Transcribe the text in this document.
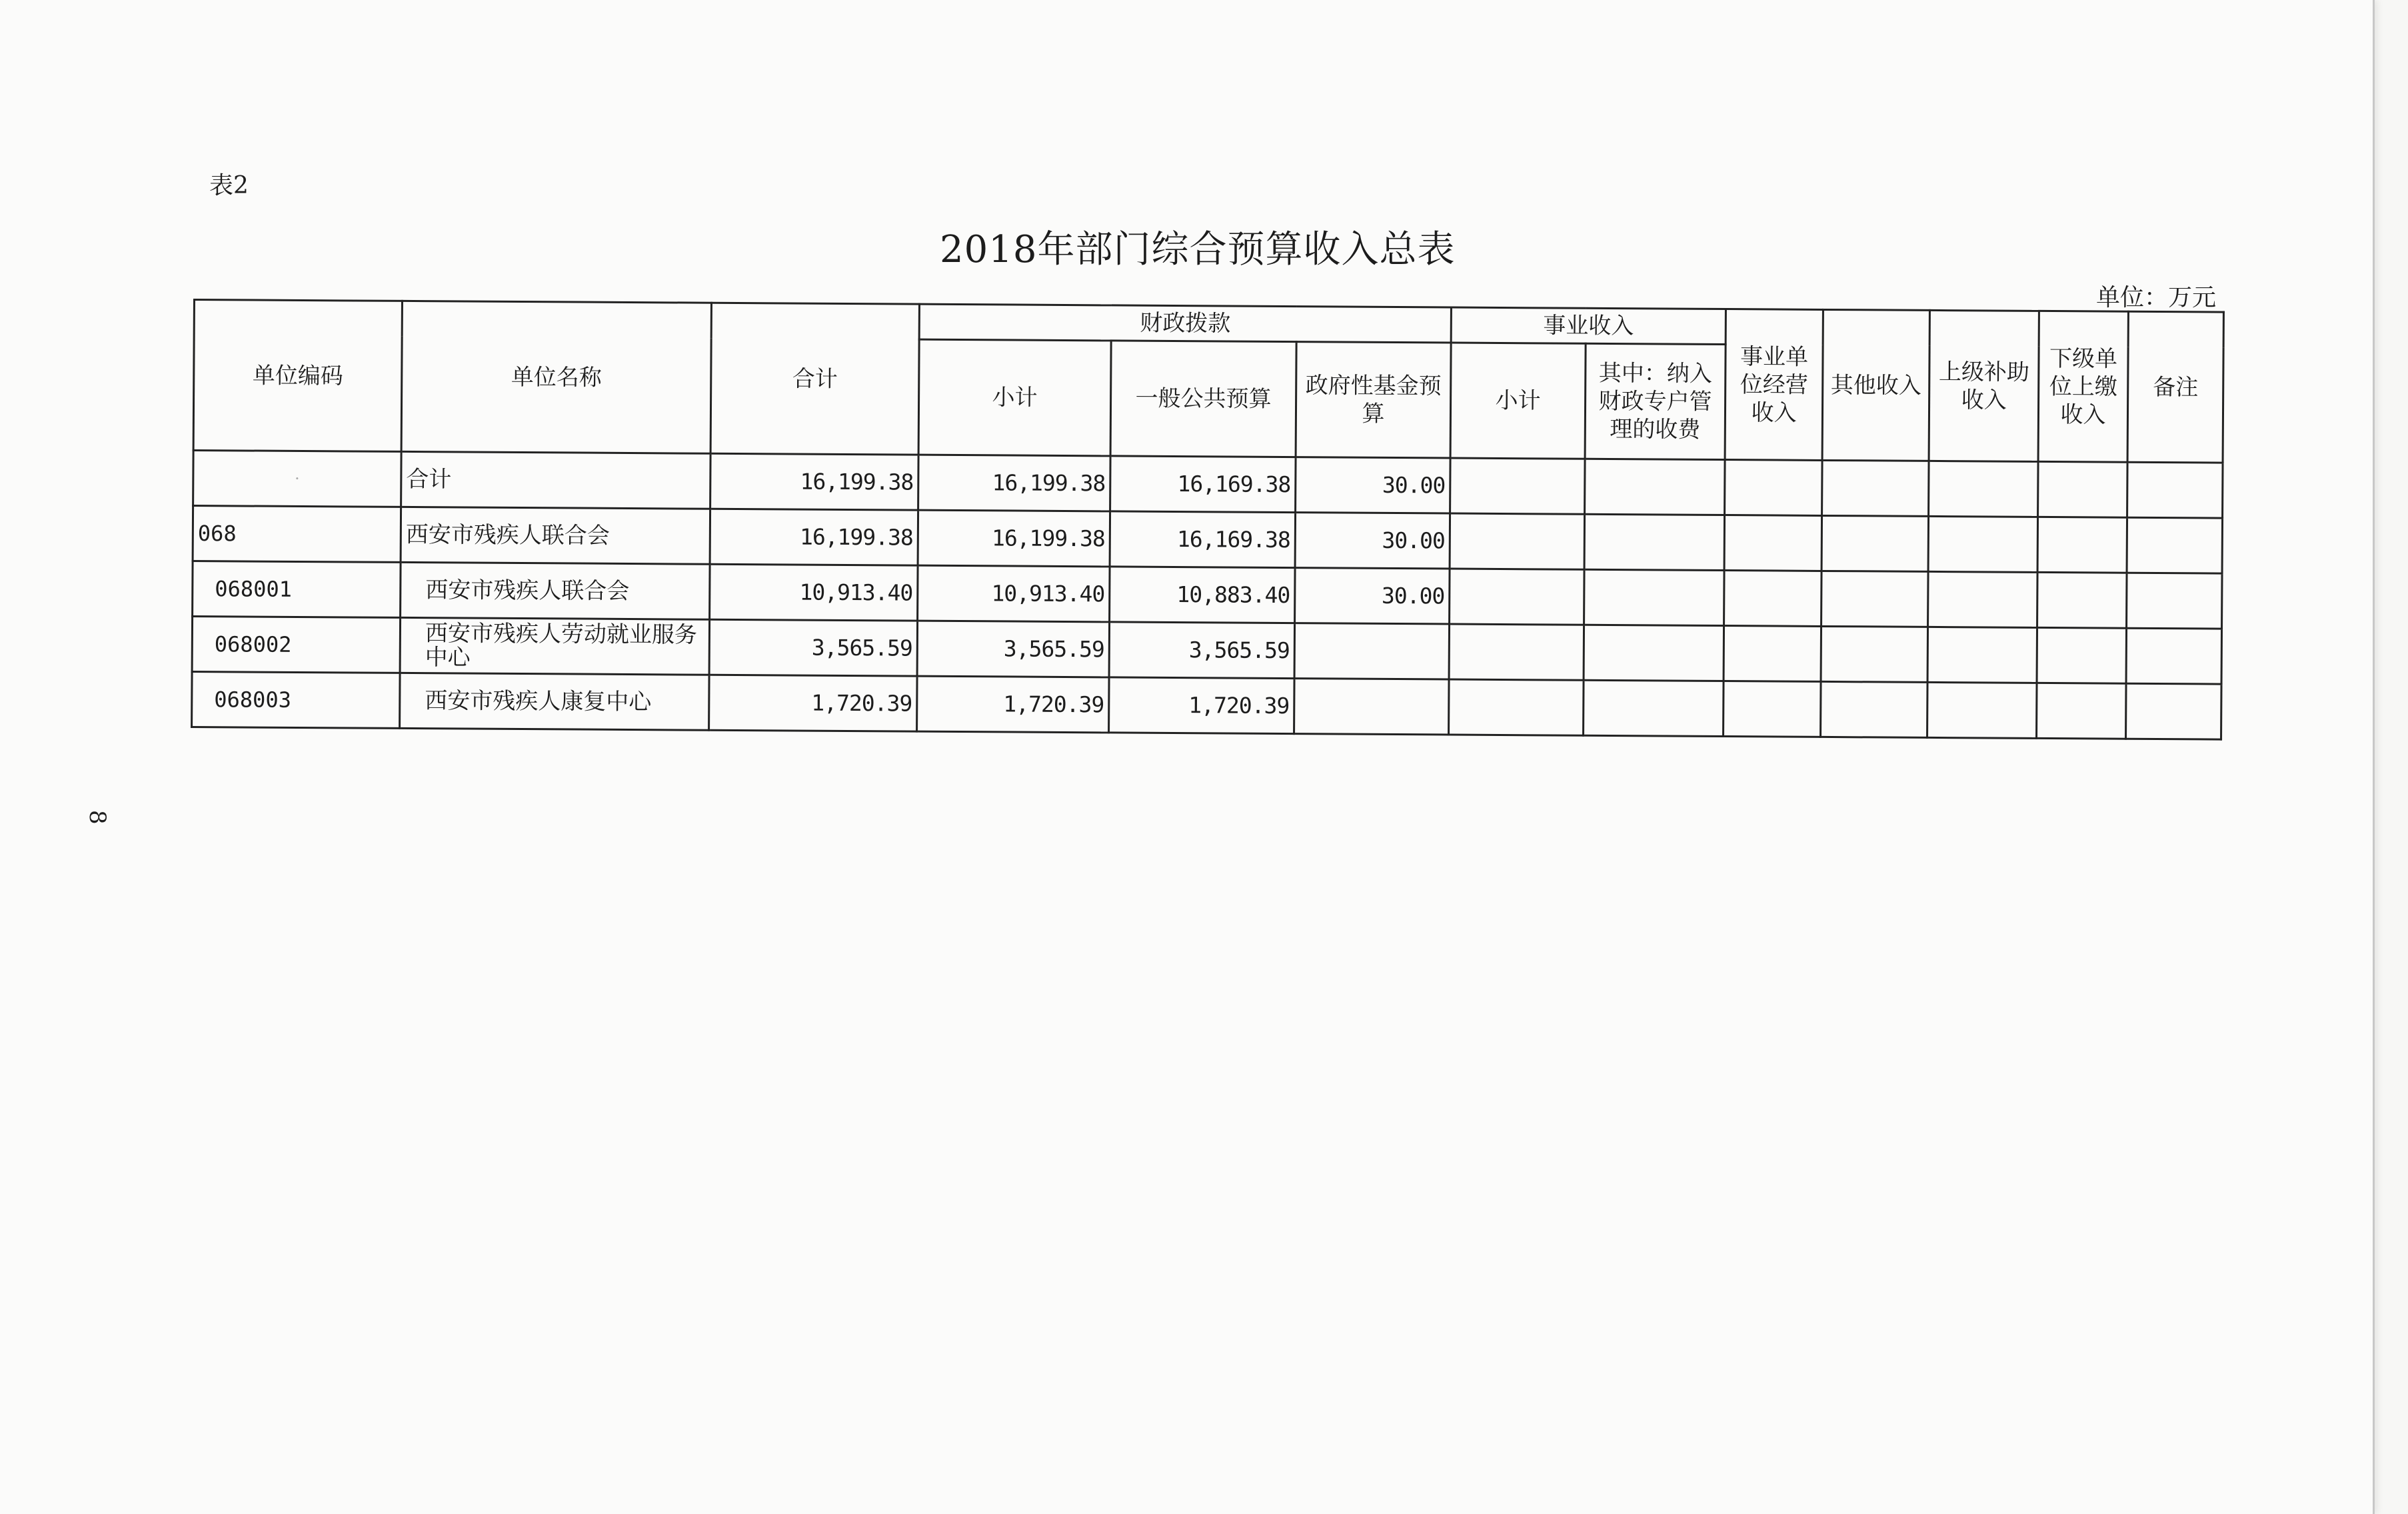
表2
2018年部门综合预算收入总表
单位：万元
8
单位编码	单位名称	合计	财政拨款			事业收入		事业单位经营收入	其他收入	上级补助收入	下级单位上缴收入	备注
			小计	一般公共预算	政府性基金预算	小计	其中：纳入财政专户管理的收费					
·	合计	16,199.38	16,199.38	16,169.38	30.00							
068	西安市残疾人联合会	16,199.38	16,199.38	16,169.38	30.00							
068001	西安市残疾人联合会	10,913.40	10,913.40	10,883.40	30.00							
068002	西安市残疾人劳动就业服务中心	3,565.59	3,565.59	3,565.59								
068003	西安市残疾人康复中心	1,720.39	1,720.39	1,720.39								
